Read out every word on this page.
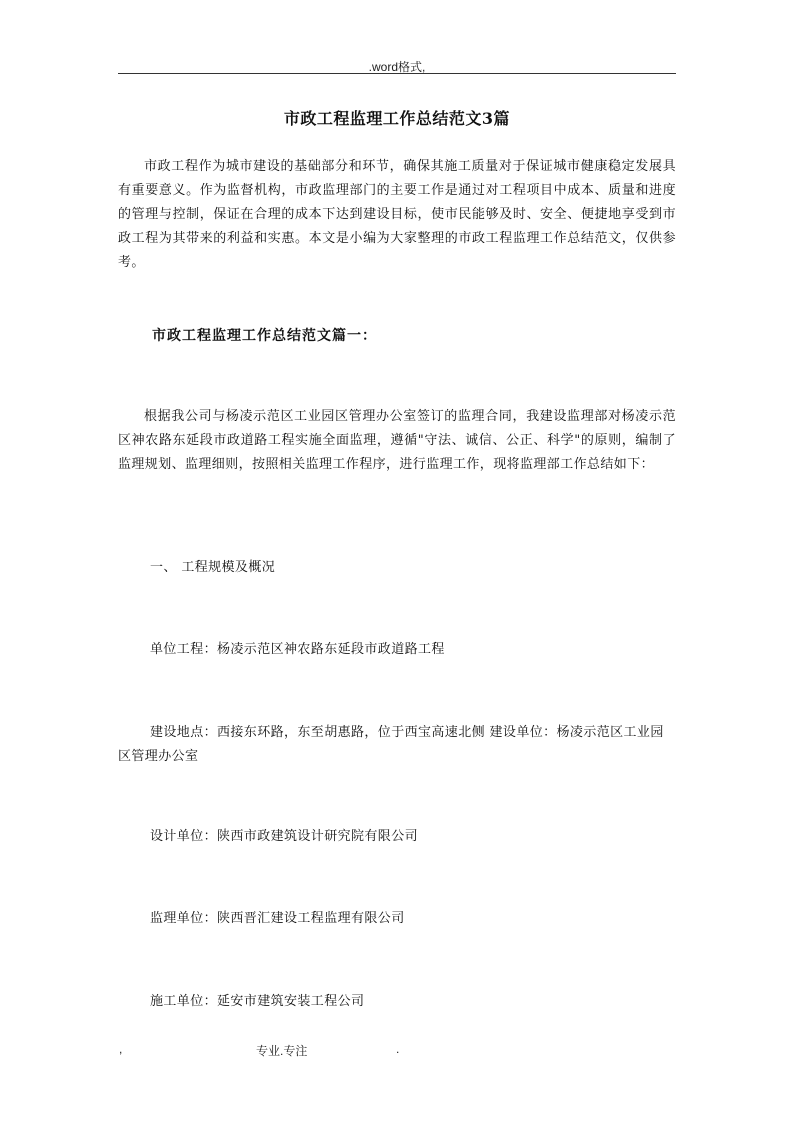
.word格式,
市政工程监理工作总结范文3篇

市政工程作为城市建设的基础部分和环节，确保其施工质量对于保证城市健康稳定发展具有重要意义。作为监督机构，市政监理部门的主要工作是通过对工程项目中成本、质量和进度的管理与控制，保证在合理的成本下达到建设目标，使市民能够及时、安全、便捷地享受到市政工程为其带来的利益和实惠。本文是小编为大家整理的市政工程监理工作总结范文，仅供参考。

市政工程监理工作总结范文篇一：

根据我公司与杨凌示范区工业园区管理办公室签订的监理合同，我建设监理部对杨凌示范区神农路东延段市政道路工程实施全面监理，遵循"守法、诚信、公正、科学"的原则，编制了监理规划、监理细则，按照相关监理工作程序，进行监理工作，现将监理部工作总结如下：

一、 工程规模及概况
单位工程：杨凌示范区神农路东延段市政道路工程
建设地点：西接东环路，东至胡惠路，位于西宝高速北侧 建设单位：杨凌示范区工业园区管理办公室
设计单位：陕西市政建筑设计研究院有限公司
监理单位：陕西晋汇建设工程监理有限公司
施工单位：延安市建筑安装工程公司
,	专业.专注	.
